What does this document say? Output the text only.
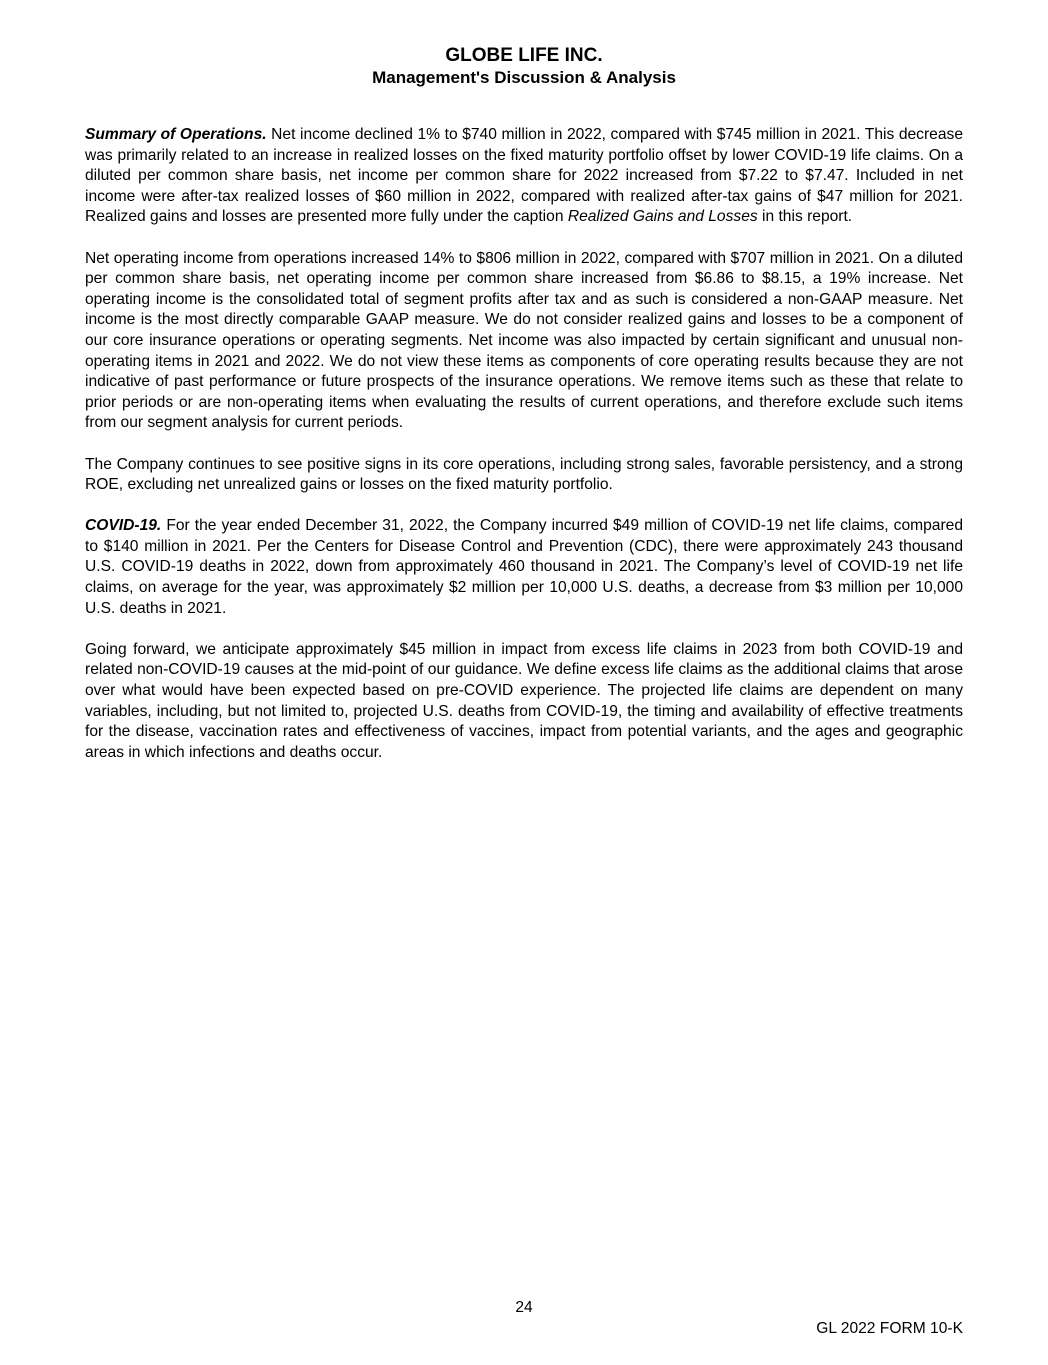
GLOBE LIFE INC.

Management's Discussion & Analysis

Summary of Operations. Net income declined 1% to $740 million in 2022, compared with $745 million in 2021. This decrease was primarily related to an increase in realized losses on the fixed maturity portfolio offset by lower COVID-19 life claims. On a diluted per common share basis, net income per common share for 2022 increased from $7.22 to $7.47. Included in net income were after-tax realized losses of $60 million in 2022, compared with realized after-tax gains of $47 million for 2021. Realized gains and losses are presented more fully under the caption Realized Gains and Losses in this report.

Net operating income from operations increased 14% to $806 million in 2022, compared with $707 million in 2021. On a diluted per common share basis, net operating income per common share increased from $6.86 to $8.15, a 19% increase. Net operating income is the consolidated total of segment profits after tax and as such is considered a non-GAAP measure. Net income is the most directly comparable GAAP measure. We do not consider realized gains and losses to be a component of our core insurance operations or operating segments. Net income was also impacted by certain significant and unusual non-operating items in 2021 and 2022. We do not view these items as components of core operating results because they are not indicative of past performance or future prospects of the insurance operations. We remove items such as these that relate to prior periods or are non-operating items when evaluating the results of current operations, and therefore exclude such items from our segment analysis for current periods.

The Company continues to see positive signs in its core operations, including strong sales, favorable persistency, and a strong ROE, excluding net unrealized gains or losses on the fixed maturity portfolio.

COVID-19. For the year ended December 31, 2022, the Company incurred $49 million of COVID-19 net life claims, compared to $140 million in 2021. Per the Centers for Disease Control and Prevention (CDC), there were approximately 243 thousand U.S. COVID-19 deaths in 2022, down from approximately 460 thousand in 2021. The Company’s level of COVID-19 net life claims, on average for the year, was approximately $2 million per 10,000 U.S. deaths, a decrease from $3 million per 10,000 U.S. deaths in 2021.

Going forward, we anticipate approximately $45 million in impact from excess life claims in 2023 from both COVID-19 and related non-COVID-19 causes at the mid-point of our guidance. We define excess life claims as the additional claims that arose over what would have been expected based on pre-COVID experience. The projected life claims are dependent on many variables, including, but not limited to, projected U.S. deaths from COVID-19, the timing and availability of effective treatments for the disease, vaccination rates and effectiveness of vaccines, impact from potential variants, and the ages and geographic areas in which infections and deaths occur.

24
GL 2022 FORM 10-K
